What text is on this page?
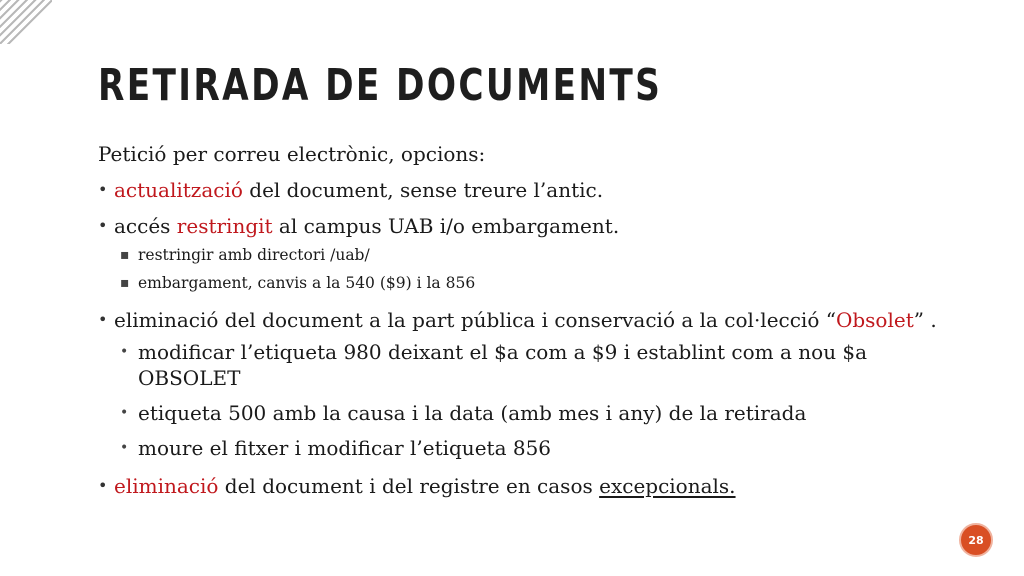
RETIRADA DE DOCUMENTS

Petició per correu electrònic, opcions:

• actualització del document, sense treure l’antic.
• accés restringit al campus UAB i/o embargament.
▪ restringir amb directori /uab/
▪ embargament, canvis a la 540 ($9) i la 856
• eliminació del document a la part pública i conservació a la col·lecció “Obsolet” .
• modificar l’etiqueta 980 deixant el $a com a $9 i establint com a nou $a OBSOLET
• etiqueta 500 amb la causa i la data (amb mes i any) de la retirada
• moure el fitxer i modificar l’etiqueta 856
• eliminació del document i del registre en casos excepcionals.
28
